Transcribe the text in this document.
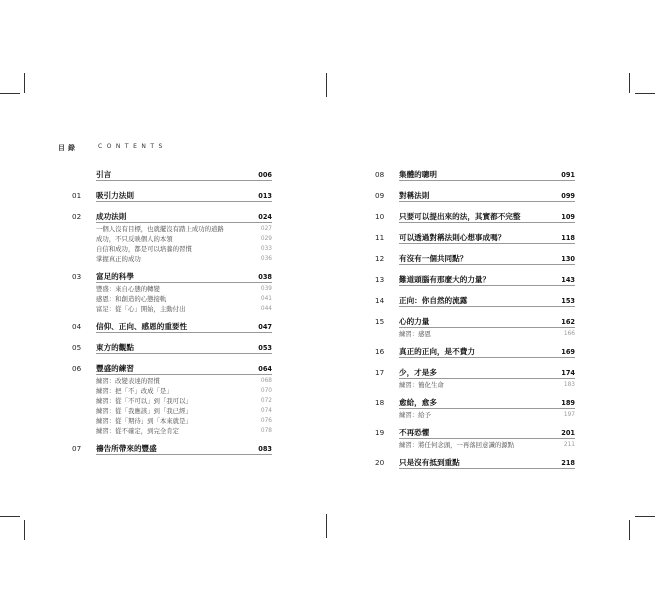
目錄	CONTENTS
引言	006
01	吸引力法則	013
02	成功法則	024
一個人沒有目標，也就擺沒有踏上成功的道路	027
成功，不只反映個人的本領	029
自信和成功，都是可以培養的習慣	033
掌握真正的成功	036
03	富足的科學	038
豐盛：來自心態的轉變	039
感恩：和創造的心態接軌	041
富足：從「心」開始，主動付出	044
04	信仰、正向、感恩的重要性	047
05	東方的觀點	053
06	豐盛的練習	064
練習：改變表達的習慣	068
練習：把「不」改成「是」	070
練習：從「不可以」到「我可以」	072
練習：從「我應該」到「我已經」	074
練習：從「期待」到「本來就是」	076
練習：從不確定，到完全肯定	078
07	禱告所帶來的豐盛	083
08	集體的聰明	091
09	對稱法則	099
10	只要可以提出來的法，其實都不完整	109
11	可以透過對稱法則心想事成嗎？	118
12	有沒有一個共同點？	130
13	難道頭腦有那麼大的力量？	143
14	正向：你自然的流露	153
15	心的力量	162
練習：感恩	166
16	真正的正向，是不費力	169
17	少，才是多	174
練習：簡化生命	183
18	愈給，愈多	189
練習：給予	197
19	不再恐懼	201
練習：將任何念頭，一再落回意識的源點	211
20	只是沒有抵到重點	218
